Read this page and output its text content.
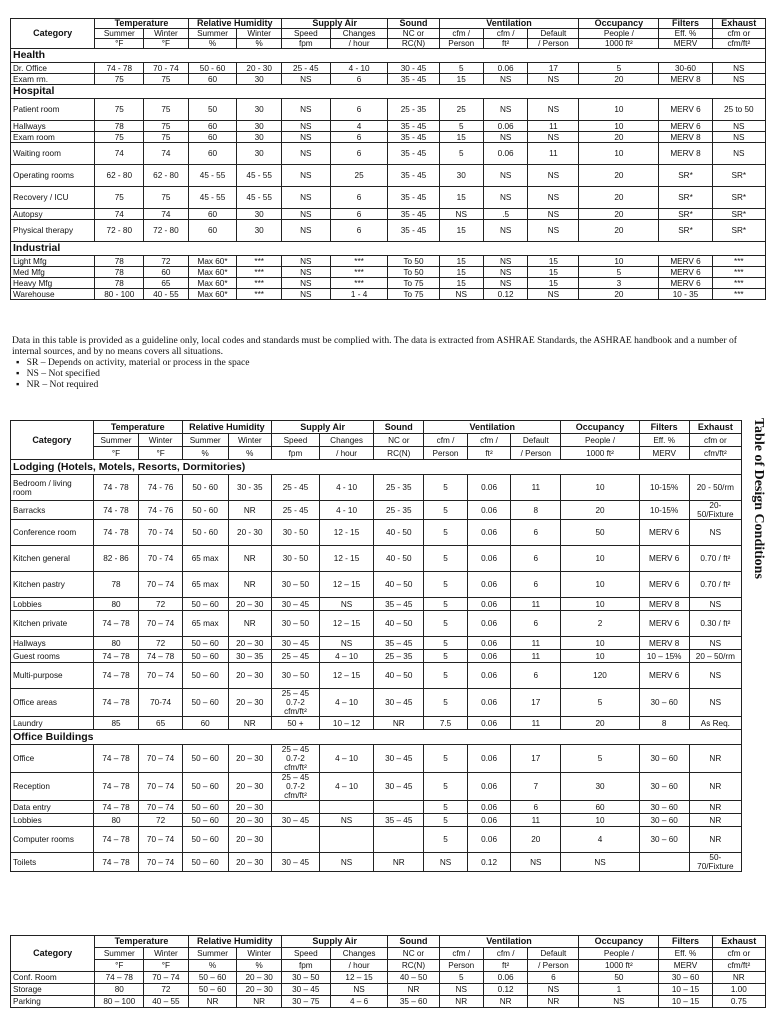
Category	Temperature		Relative Humidity		Supply Air		Sound	Ventilation			Occupancy	Filters	Exhaust
	Summer	Winter	Summer	Winter	Speed	Changes	NC or	cfm /	cfm /	Default	People /	Eff. %	cfm or
	°F	°F	%	%	fpm	/ hour	RC(N)	Person	ft²	/ Person	1000 ft²	MERV	cfm/ft²
Health													
Dr. Office	74 - 78	70 - 74	50 - 60	20 - 30	25 - 45	4 - 10	30 - 45	5	0.06	17	5	30-60	NS
Exam rm.	75	75	60	30	NS	6	35 - 45	15	NS	NS	20	MERV 8	NS
Hospital													
Patient room	75	75	50	30	NS	6	25 - 35	25	NS	NS	10	MERV 6	25 to 50
Hallways	78	75	60	30	NS	4	35 - 45	5	0.06	11	10	MERV 6	NS
Exam room	75	75	60	30	NS	6	35 - 45	15	NS	NS	20	MERV 8	NS
Waiting room	74	74	60	30	NS	6	35 - 45	5	0.06	11	10	MERV 8	NS
Operating rooms	62 - 80	62 - 80	45 - 55	45 - 55	NS	25	35 - 45	30	NS	NS	20	SR*	SR*
Recovery / ICU	75	75	45 - 55	45 - 55	NS	6	35 - 45	15	NS	NS	20	SR*	SR*
Autopsy	74	74	60	30	NS	6	35 - 45	NS	.5	NS	20	SR*	SR*
Physical therapy	72 - 80	72 - 80	60	30	NS	6	35 - 45	15	NS	NS	20	SR*	SR*
Industrial													
Light Mfg	78	72	Max 60*	***	NS	***	To 50	15	NS	15	10	MERV 6	***
Med Mfg	78	60	Max 60*	***	NS	***	To 50	15	NS	15	5	MERV 6	***
Heavy Mfg	78	65	Max 60*	***	NS	***	To 75	15	NS	15	3	MERV 6	***
Warehouse	80 - 100	40 - 55	Max 60*	***	NS	1 - 4	To 75	NS	0.12	NS	20	10 - 35	***
Data in this table is provided as a guideline only, local codes and standards must be complied with. The data is extracted from ASHRAE Standards, the ASHRAE handbook and a number of internal sources, and by no means covers all situations.
▪   SR – Depends on activity, material or process in the space
▪   NS – Not specified
▪   NR – Not required
Category	Temperature		Relative Humidity		Supply Air		Sound	Ventilation			Occupancy	Filters	Exhaust
	Summer	Winter	Summer	Winter	Speed	Changes	NC or	cfm /	cfm /	Default	People /	Eff. %	cfm or
	°F	°F	%	%	fpm	/ hour	RC(N)	Person	ft²	/ Person	1000 ft²	MERV	cfm/ft²
Lodging (Hotels, Motels, Resorts, Dormitories)													
Bedroom / living room	74 - 78	74 - 76	50 - 60	30 - 35	25 - 45	4 - 10	25 - 35	5	0.06	11	10	10-15%	20 - 50/rm
Barracks	74 - 78	74 - 76	50 - 60	NR	25 - 45	4 - 10	25 - 35	5	0.06	8	20	10-15%	20-50/Fixture
Conference room	74 - 78	70 - 74	50 - 60	20 - 30	30 - 50	12 - 15	40 - 50	5	0.06	6	50	MERV 6	NS
Kitchen general	82 - 86	70 - 74	65 max	NR	30 - 50	12 - 15	40 - 50	5	0.06	6	10	MERV 6	0.70 / ft²
Kitchen pastry	78	70 – 74	65 max	NR	30 – 50	12 – 15	40 – 50	5	0.06	6	10	MERV 6	0.70 / ft²
Lobbies	80	72	50 – 60	20 – 30	30 – 45	NS	35 – 45	5	0.06	11	10	MERV 8	NS
Kitchen private	74 – 78	70 – 74	65 max	NR	30 – 50	12 – 15	40 – 50	5	0.06	6	2	MERV 6	0.30 / ft²
Hallways	80	72	50 – 60	20 – 30	30 – 45	NS	35 – 45	5	0.06	11	10	MERV 8	NS
Guest rooms	74 – 78	74 – 78	50 – 60	30 – 35	25 – 45	4 – 10	25 – 35	5	0.06	11	10	10 – 15%	20 – 50/rm
Multi-purpose	74 – 78	70 – 74	50 – 60	20 – 30	30 – 50	12 – 15	40 – 50	5	0.06	6	120	MERV 6	NS
Office areas	74 – 78	70-74	50 – 60	20 – 30	25 – 45 0.7-2 cfm/ft²	4 – 10	30 – 45	5	0.06	17	5	30 – 60	NS
Laundry	85	65	60	NR	50 +	10 – 12	NR	7.5	0.06	11	20	8	As Req.
Office Buildings													
Office	74 – 78	70 – 74	50 – 60	20 – 30	25 – 45 0.7-2 cfm/ft²	4 – 10	30 – 45	5	0.06	17	5	30 – 60	NR
Reception	74 – 78	70 – 74	50 – 60	20 – 30	25 – 45 0.7-2 cfm/ft²	4 – 10	30 – 45	5	0.06	7	30	30 – 60	NR
Data entry	74 – 78	70 – 74	50 – 60	20 – 30				5	0.06	6	60	30 – 60	NR
Lobbies	80	72	50 – 60	20 – 30	30 – 45	NS	35 – 45	5	0.06	11	10	30 – 60	NR
Computer rooms	74 – 78	70 – 74	50 – 60	20 – 30				5	0.06	20	4	30 – 60	NR
Toilets	74 – 78	70 – 74	50 – 60	20 – 30	30 – 45	NS	NR	NS	0.12	NS	NS		50-70/Fixture
Table of Design Conditions
Category	Temperature		Relative Humidity		Supply Air		Sound	Ventilation			Occupancy	Filters	Exhaust
	Summer	Winter	Summer	Winter	Speed	Changes	NC or	cfm /	cfm /	Default	People /	Eff. %	cfm or
	°F	°F	%	%	fpm	/ hour	RC(N)	Person	ft²	/ Person	1000 ft²	MERV	cfm/ft²
Conf. Room	74 – 78	70 – 74	50 – 60	20 – 30	30 – 50	12 – 15	40 – 50	5	0.06	6	50	30 – 60	NR
Storage	80	72	50 – 60	20 – 30	30 – 45	NS	NR	NS	0.12	NS	1	10 – 15	1.00
Parking	80 – 100	40 – 55	NR	NR	30 – 75	4 – 6	35 – 60	NR	NR	NR	NS	10 – 15	0.75
